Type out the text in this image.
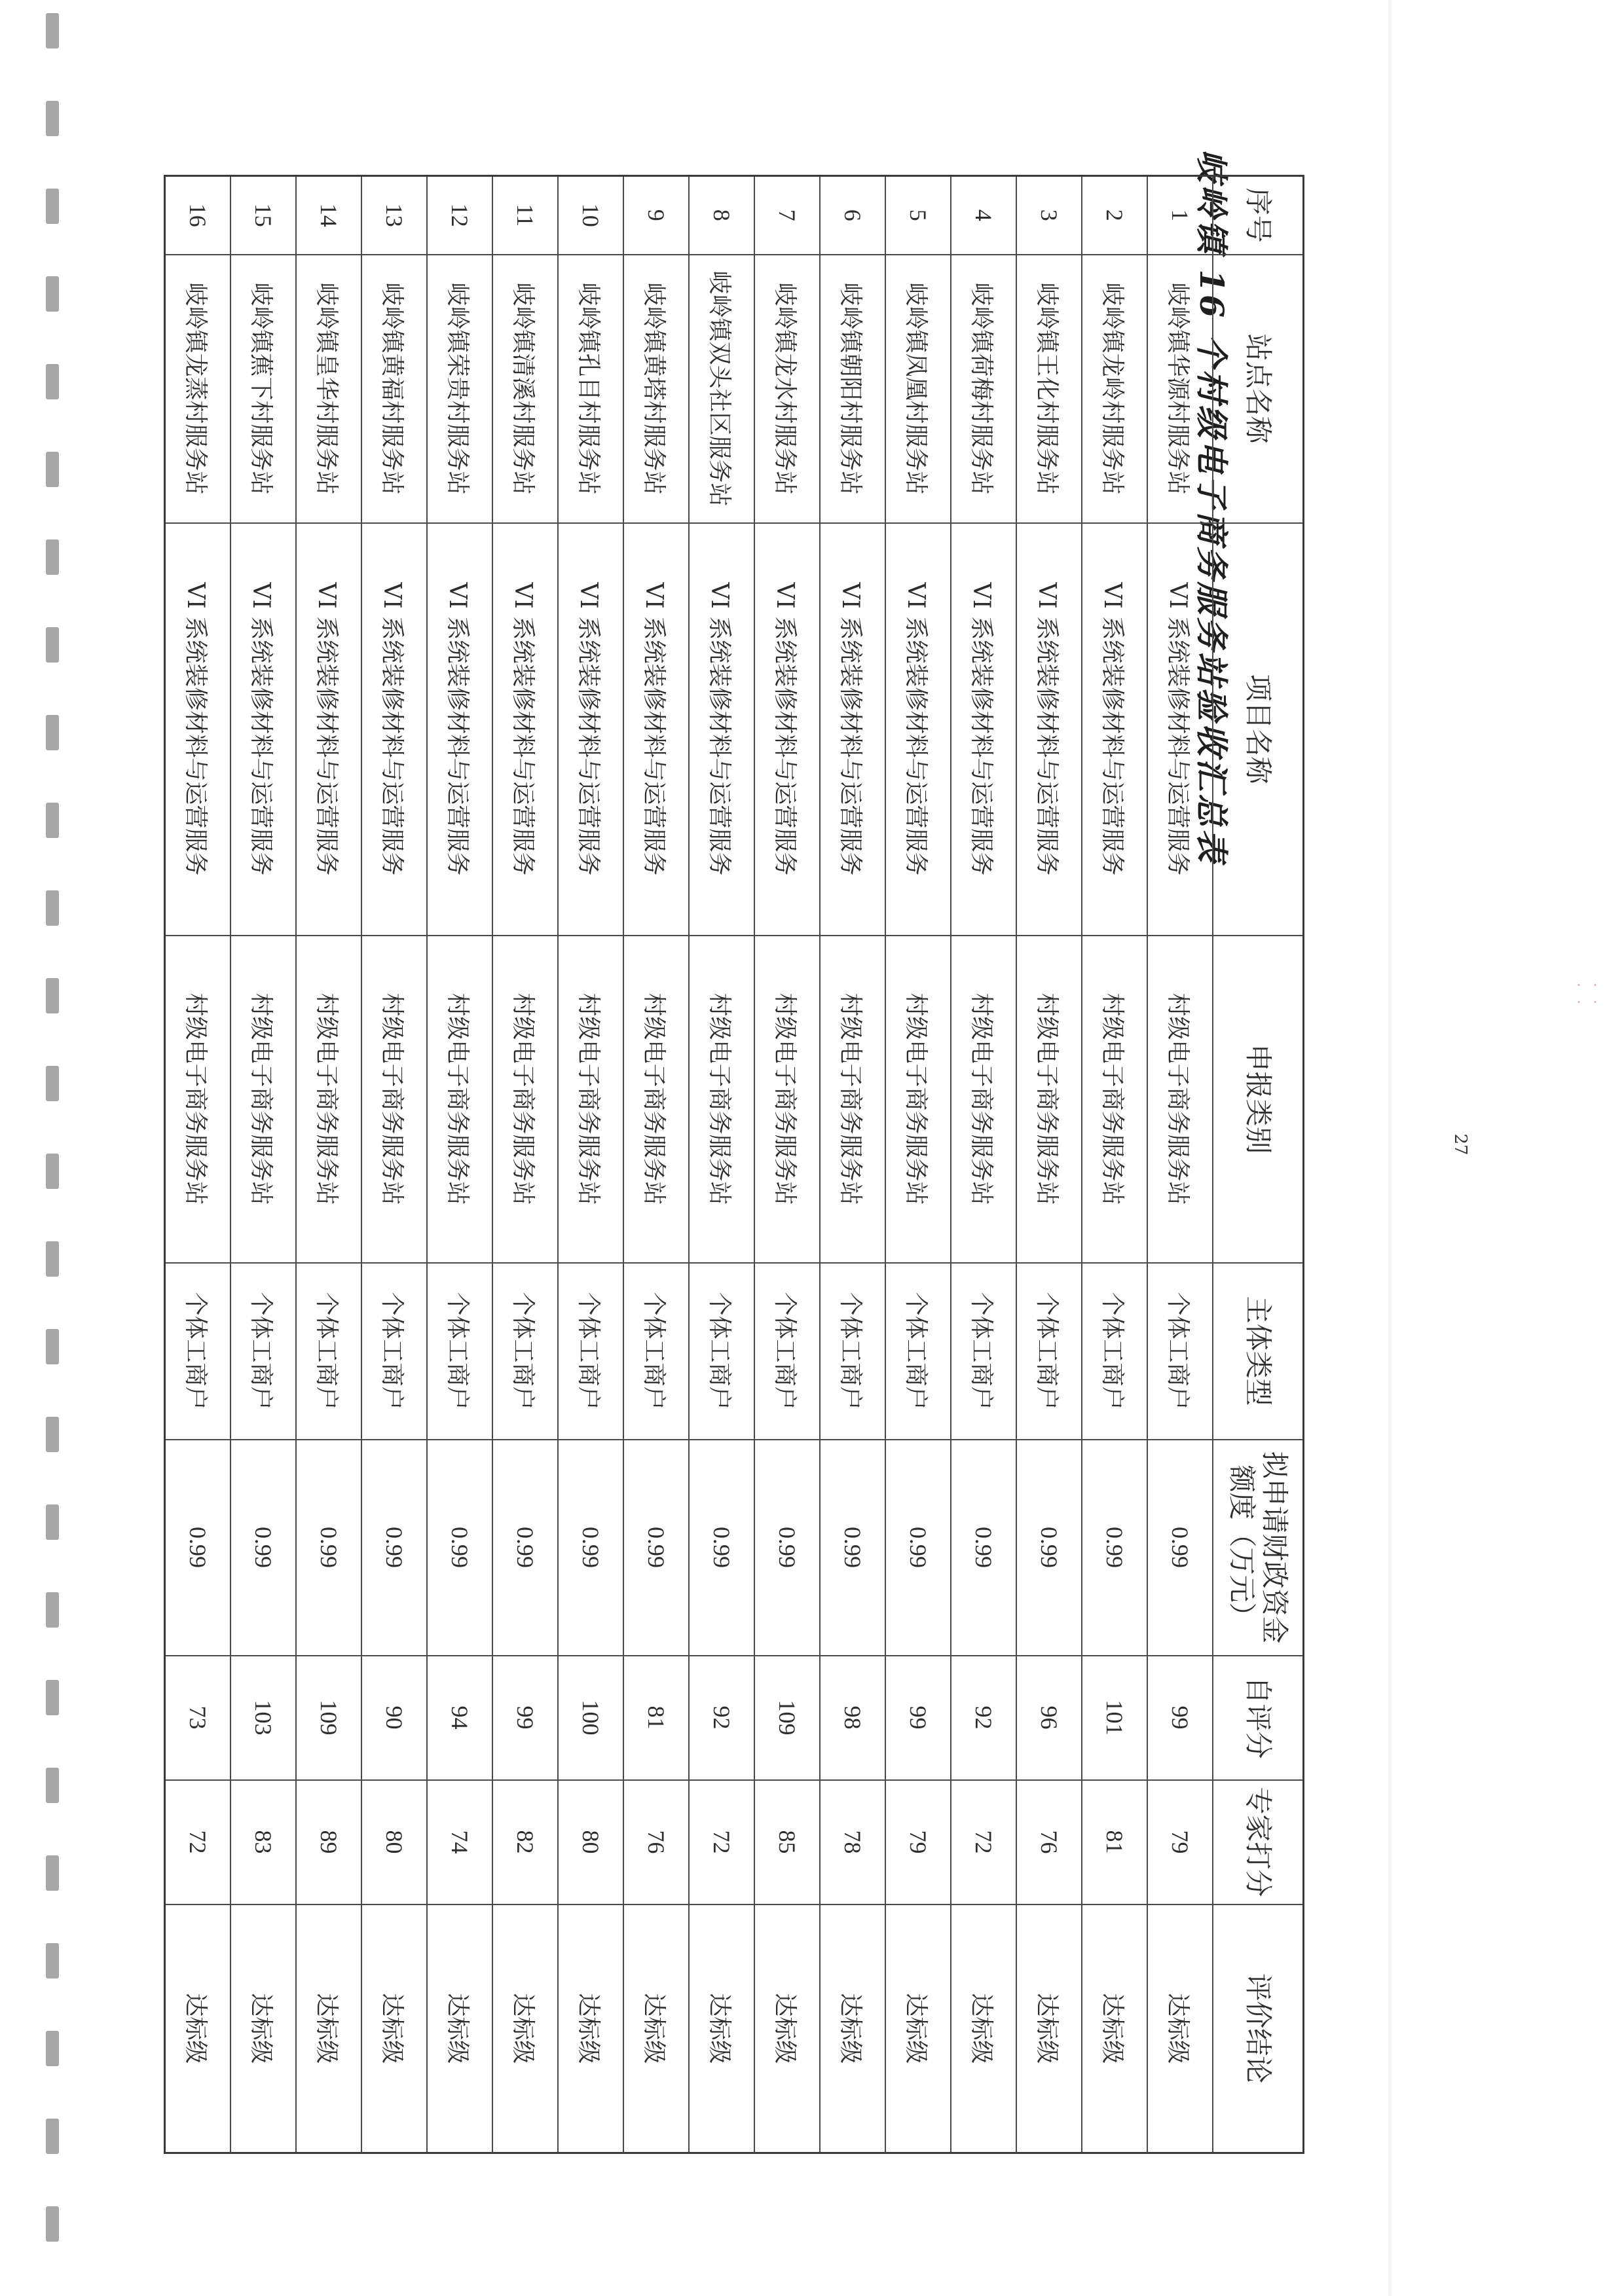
岐岭镇 16 个村级电子商务服务站验收汇总表 序号	站点名称	项目名称	申报类别	主体类型	拟申请财政资金额度（万元）	自评分	专家打分	评价结论
1	岐岭镇华源村服务站	VI 系统装修材料与运营服务	村级电子商务服务站	个体工商户	0.99	99	79	达标级
2	岐岭镇龙岭村服务站	VI 系统装修材料与运营服务	村级电子商务服务站	个体工商户	0.99	101	81	达标级
3	岐岭镇王化村服务站	VI 系统装修材料与运营服务	村级电子商务服务站	个体工商户	0.99	96	76	达标级
4	岐岭镇荷梅村服务站	VI 系统装修材料与运营服务	村级电子商务服务站	个体工商户	0.99	92	72	达标级
5	岐岭镇凤凰村服务站	VI 系统装修材料与运营服务	村级电子商务服务站	个体工商户	0.99	99	79	达标级
6	岐岭镇朝阳村服务站	VI 系统装修材料与运营服务	村级电子商务服务站	个体工商户	0.99	98	78	达标级
7	岐岭镇龙水村服务站	VI 系统装修材料与运营服务	村级电子商务服务站	个体工商户	0.99	109	85	达标级
8	岐岭镇双头社区服务站	VI 系统装修材料与运营服务	村级电子商务服务站	个体工商户	0.99	92	72	达标级
9	岐岭镇黄塔村服务站	VI 系统装修材料与运营服务	村级电子商务服务站	个体工商户	0.99	81	76	达标级
10	岐岭镇孔目村服务站	VI 系统装修材料与运营服务	村级电子商务服务站	个体工商户	0.99	100	80	达标级
11	岐岭镇清溪村服务站	VI 系统装修材料与运营服务	村级电子商务服务站	个体工商户	0.99	99	82	达标级
12	岐岭镇荣贵村服务站	VI 系统装修材料与运营服务	村级电子商务服务站	个体工商户	0.99	94	74	达标级
13	岐岭镇黄福村服务站	VI 系统装修材料与运营服务	村级电子商务服务站	个体工商户	0.99	90	80	达标级
14	岐岭镇皇华村服务站	VI 系统装修材料与运营服务	村级电子商务服务站	个体工商户	0.99	109	89	达标级
15	岐岭镇蕉下村服务站	VI 系统装修材料与运营服务	村级电子商务服务站	个体工商户	0.99	103	83	达标级
16	岐岭镇龙蒸村服务站	VI 系统装修材料与运营服务	村级电子商务服务站	个体工商户	0.99	73	72	达标级
27
· · · ·
